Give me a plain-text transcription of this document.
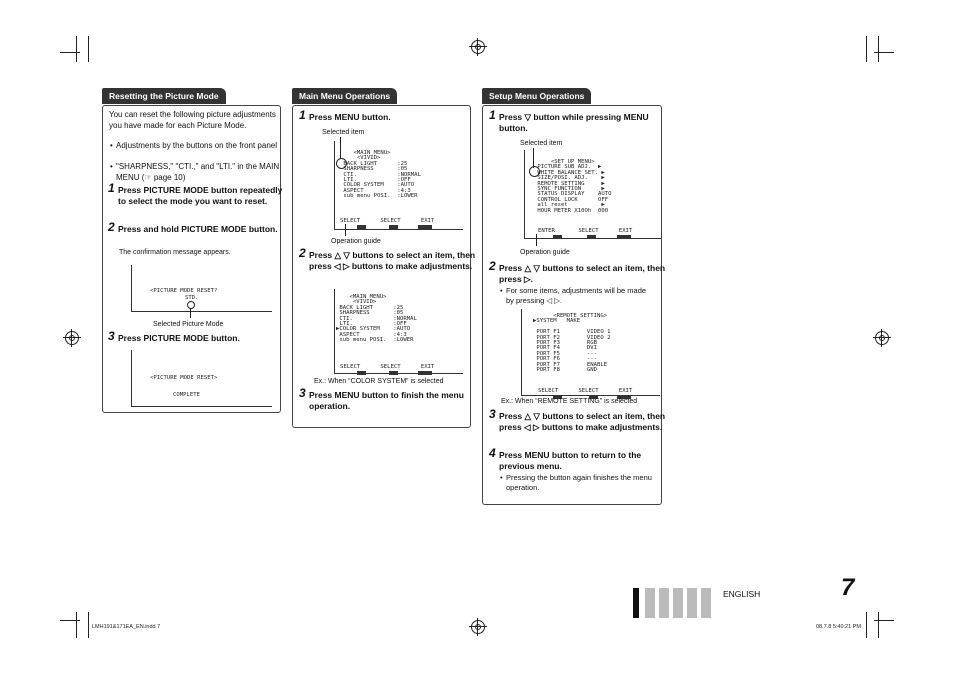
Resetting the Picture Mode
You can reset the following picture adjustments you have made for each Picture Mode.
• Adjustments by the buttons on the front panel
• "SHARPNESS," "CTI.," and "LTI." in the MAIN MENU (☞ page 10)
1 Press PICTURE MODE button repeatedly to select the mode you want to reset.
2 Press and hold PICTURE MODE button.
The confirmation message appears.
<PICTURE MODE RESET?
STD.
Selected Picture Mode
3 Press PICTURE MODE button.
<PICTURE MODE RESET>
COMPLETE
Main Menu Operations
1 Press MENU button.
Selected item
<MAIN MENU>
<VIVID>
BACK LIGHT      :25
SHARPNESS       :05
CTI.            :NORMAL
LTI.            :OFF
COLOR SYSTEM    :AUTO
ASPECT          :4:3
sub menu POSI.  :LOWER
SELECT      SELECT      EXIT
Operation guide
2 Press △ ▽ buttons to select an item, then press ◁ ▷ buttons to make adjustments.
<MAIN MENU>
<VIVID>
BACK LIGHT      :25
SHARPNESS       :05
CTI.            :NORMAL
LTI.            :OFF
▶COLOR SYSTEM    :AUTO
ASPECT          :4:3
sub menu POSI.  :LOWER
SELECT      SELECT      EXIT
Ex.: When “COLOR SYSTEM” is selected
3 Press MENU button to finish the menu operation.
Setup Menu Operations
1 Press ▽ button while pressing MENU button.
Selected item
<SET UP MENU>
PICTURE SUB ADJ.  ▶
WHITE BALANCE SET. ▶
SIZE/POSI. ADJ.    ▶
REMOTE SETTING     ▶
SYNC FUNCTION      ▶
STATUS DISPLAY    AUTO
CONTROL LOCK      OFF
all reset          ▶
HOUR METER X10Oh  000
ENTER       SELECT      EXIT
Operation guide
2 Press △ ▽ buttons to select an item, then press ▷.
• For some items, adjustments will be made by pressing ◁ ▷.
<REMOTE SETTING>
▶SYSTEM   MAKE

PORT F1        VIDEO 1
PORT F2        VIDEO 2
PORT F3        RGB
PORT F4        DVI
PORT F5        ---
PORT F6        ---
PORT F7        ENABLE
PORT F8        GND
SELECT      SELECT      EXIT
Ex.: When “REMOTE SETTING” is selected
3 Press △ ▽ buttons to select an item, then press ◁ ▷ buttons to make adjustments.
4 Press MENU button to return to the previous menu.
• Pressing the button again finishes the menu operation.
ENGLISH	7
LMH191&171EA_EN.indd 7	08.7.8 5:40:21 PM
